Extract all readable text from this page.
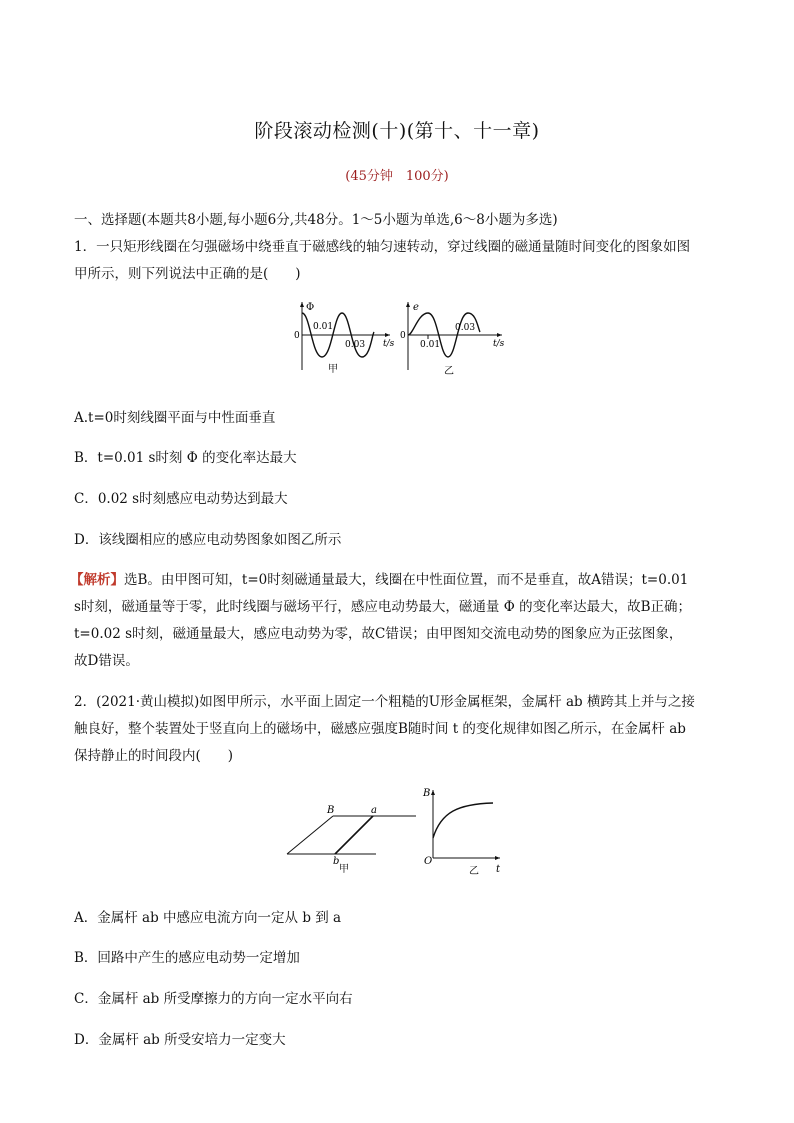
阶段滚动检测(十)(第十、十一章)
(45分钟　100分)
一、选择题(本题共8小题,每小题6分,共48分。1～5小题为单选,6～8小题为多选)
1．一只矩形线圈在匀强磁场中绕垂直于磁感线的轴匀速转动，穿过线圈的磁通量随时间变化的图象如图
甲所示，则下列说法中正确的是(　　)
Φ
0
0.01
0.03 t/s
甲
e
0
0.01
0.03
t/s
乙
A.t=0时刻线圈平面与中性面垂直
B．t=0.01 s时刻 Φ 的变化率达最大
C．0.02 s时刻感应电动势达到最大
D．该线圈相应的感应电动势图象如图乙所示
【解析】选B。由甲图可知，t=0时刻磁通量最大，线圈在中性面位置，而不是垂直，故A错误；t=0.01
s时刻，磁通量等于零，此时线圈与磁场平行，感应电动势最大，磁通量 Φ 的变化率达最大，故B正确；
t=0.02 s时刻，磁通量最大，感应电动势为零，故C错误；由甲图知交流电动势的图象应为正弦图象，
故D错误。
2．(2021·黄山模拟)如图甲所示，水平面上固定一个粗糙的U形金属框架，金属杆 ab 横跨其上并与之接
触良好，整个装置处于竖直向上的磁场中，磁感应强度B随时间 t 的变化规律如图乙所示，在金属杆 ab
保持静止的时间段内(　　)
B	a
b
甲
B
O
t
乙
A．金属杆 ab 中感应电流方向一定从 b 到 a
B．回路中产生的感应电动势一定增加
C．金属杆 ab 所受摩擦力的方向一定水平向右
D．金属杆 ab 所受安培力一定变大
